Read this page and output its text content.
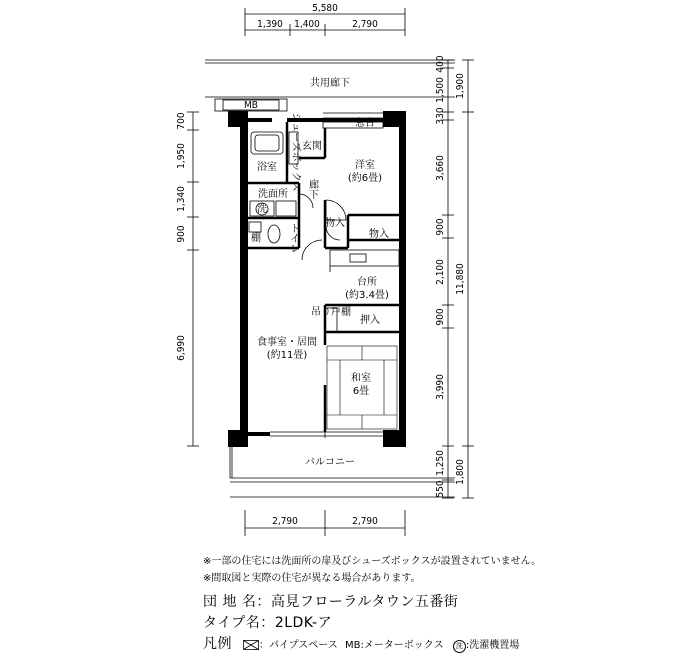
5,580
1,390 1,400	2,790
共用廊下
700
1,950
1,340
900
6,990
400
1,500
330
3,660
900
2,100
900
3,990
1,250
550
1,900
11,880
1,800
MB
窓台
バルコニー
浴室 シューズボックス 玄関
廊下
洋室
(約6畳)
洗面所
洗
棚	トイレ	物入
物入
台所
(約3.4畳)
吊り戸棚
押入
和室
6畳
食事室・居間
(約11畳)
2,790	2,790
※一部の住宅には洗面所の扉及びシューズボックスが設置されていません。
※間取図と実際の住宅が異なる場合があります。
団 地 名：高見フローラルタウン五番街
タイプ名：2LDK-ア
凡例	：パイプスペース MB:メーターボックス 洗 :洗濯機置場
